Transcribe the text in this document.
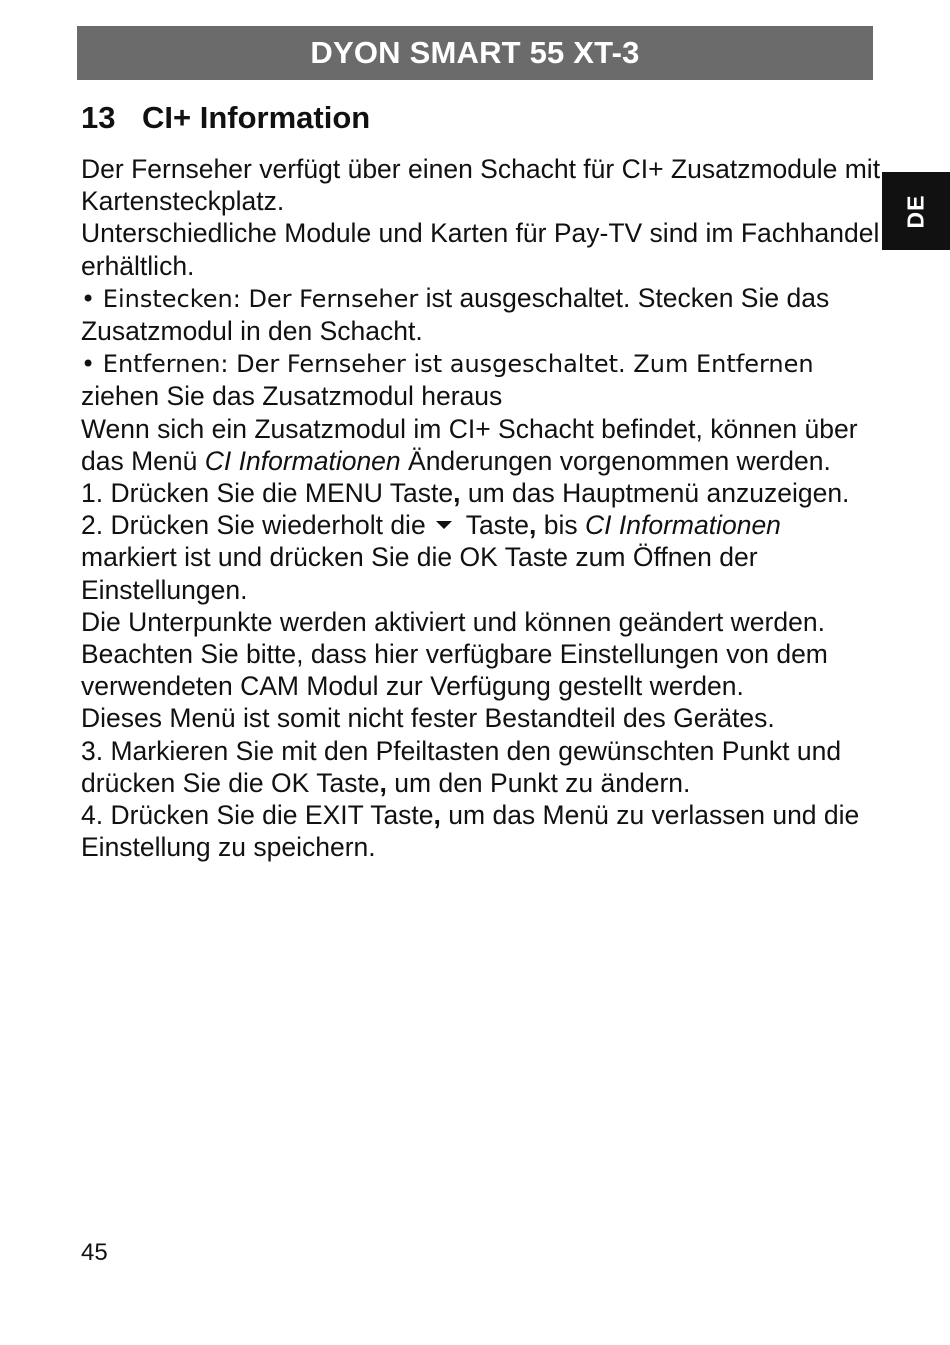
DYON SMART 55 XT-3
DE
13 CI+ Information

Der Fernseher verfügt über einen Schacht für CI+ Zusatzmodule mit Kartensteckplatz.

Unterschiedliche Module und Karten für Pay-TV sind im Fachhandel erhältlich.

• Einstecken: Der Fernseher ist ausgeschaltet. Stecken Sie das Zusatzmodul in den Schacht.

• Entfernen: Der Fernseher ist ausgeschaltet. Zum Entfernen ziehen Sie das Zusatzmodul heraus

Wenn sich ein Zusatzmodul im CI+ Schacht befindet, können über das Menü CI Informationen Änderungen vorgenommen werden.

1. Drücken Sie die MENU Taste, um das Hauptmenü anzuzeigen.

2. Drücken Sie wiederholt die Taste, bis CI Informationen markiert ist und drücken Sie die OK Taste zum Öffnen der Einstellungen.

Die Unterpunkte werden aktiviert und können geändert werden. Beachten Sie bitte, dass hier verfügbare Einstellungen von dem verwendeten CAM Modul zur Verfügung gestellt werden.

Dieses Menü ist somit nicht fester Bestandteil des Gerätes.

3. Markieren Sie mit den Pfeiltasten den gewünschten Punkt und drücken Sie die OK Taste, um den Punkt zu ändern.

4. Drücken Sie die EXIT Taste, um das Menü zu verlassen und die Einstellung zu speichern.

45
